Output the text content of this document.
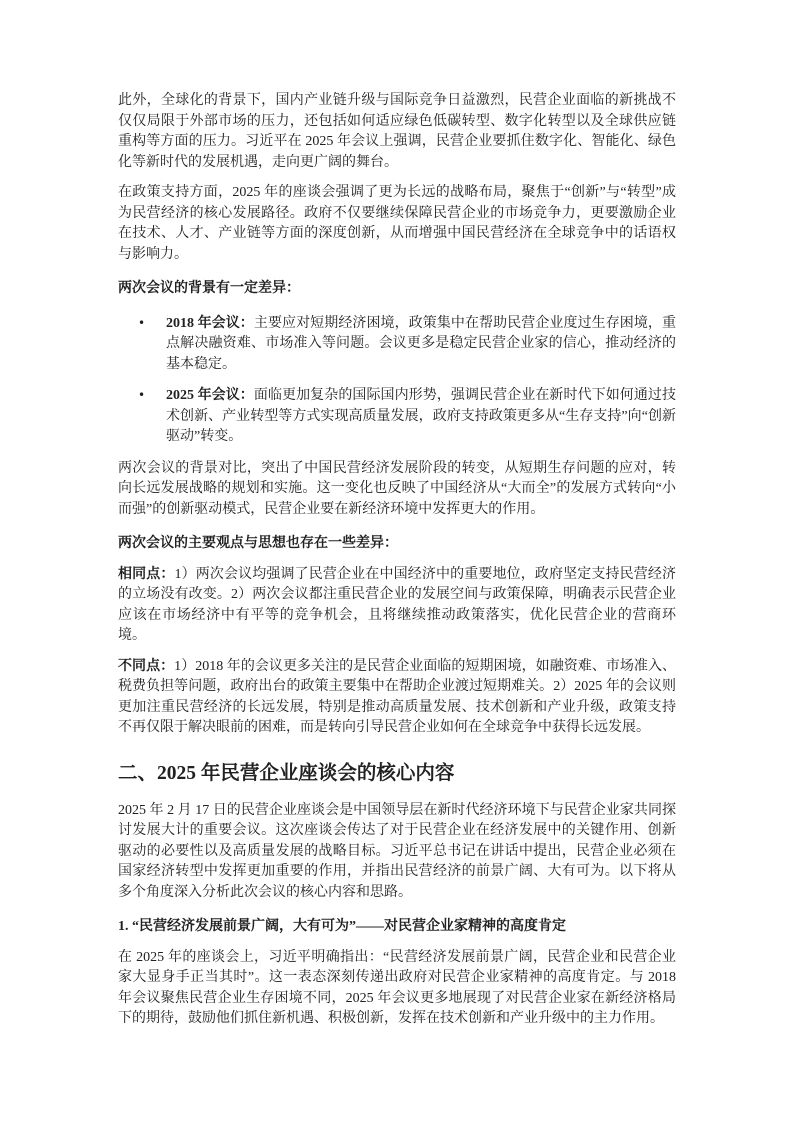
此外，全球化的背景下，国内产业链升级与国际竞争日益激烈，民营企业面临的新挑战不仅仅局限于外部市场的压力，还包括如何适应绿色低碳转型、数字化转型以及全球供应链重构等方面的压力。习近平在 2025 年会议上强调，民营企业要抓住数字化、智能化、绿色化等新时代的发展机遇，走向更广阔的舞台。

在政策支持方面，2025 年的座谈会强调了更为长远的战略布局，聚焦于“创新”与“转型”成为民营经济的核心发展路径。政府不仅要继续保障民营企业的市场竞争力，更要激励企业在技术、人才、产业链等方面的深度创新，从而增强中国民营经济在全球竞争中的话语权与影响力。

两次会议的背景有一定差异：
• 2018 年会议：主要应对短期经济困境，政策集中在帮助民营企业度过生存困境，重点解决融资难、市场准入等问题。会议更多是稳定民营企业家的信心，推动经济的基本稳定。
• 2025 年会议：面临更加复杂的国际国内形势，强调民营企业在新时代下如何通过技术创新、产业转型等方式实现高质量发展，政府支持政策更多从“生存支持”向“创新驱动”转变。

两次会议的背景对比，突出了中国民营经济发展阶段的转变，从短期生存问题的应对，转向长远发展战略的规划和实施。这一变化也反映了中国经济从“大而全”的发展方式转向“小而强”的创新驱动模式，民营企业要在新经济环境中发挥更大的作用。

两次会议的主要观点与思想也存在一些差异：

相同点：1）两次会议均强调了民营企业在中国经济中的重要地位，政府坚定支持民营经济的立场没有改变。2）两次会议都注重民营企业的发展空间与政策保障，明确表示民营企业应该在市场经济中有平等的竞争机会，且将继续推动政策落实，优化民营企业的营商环境。

不同点：1）2018 年的会议更多关注的是民营企业面临的短期困境，如融资难、市场准入、税费负担等问题，政府出台的政策主要集中在帮助企业渡过短期难关。2）2025 年的会议则更加注重民营经济的长远发展，特别是推动高质量发展、技术创新和产业升级，政策支持不再仅限于解决眼前的困难，而是转向引导民营企业如何在全球竞争中获得长远发展。

二、2025 年民营企业座谈会的核心内容

2025 年 2 月 17 日的民营企业座谈会是中国领导层在新时代经济环境下与民营企业家共同探讨发展大计的重要会议。这次座谈会传达了对于民营企业在经济发展中的关键作用、创新驱动的必要性以及高质量发展的战略目标。习近平总书记在讲话中提出，民营企业必须在国家经济转型中发挥更加重要的作用，并指出民营经济的前景广阔、大有可为。以下将从多个角度深入分析此次会议的核心内容和思路。

1. “民营经济发展前景广阔，大有可为”——对民营企业家精神的高度肯定

在 2025 年的座谈会上，习近平明确指出：“民营经济发展前景广阔，民营企业和民营企业家大显身手正当其时”。这一表态深刻传递出政府对民营企业家精神的高度肯定。与 2018 年会议聚焦民营企业生存困境不同，2025 年会议更多地展现了对民营企业家在新经济格局下的期待，鼓励他们抓住新机遇、积极创新，发挥在技术创新和产业升级中的主力作用。
